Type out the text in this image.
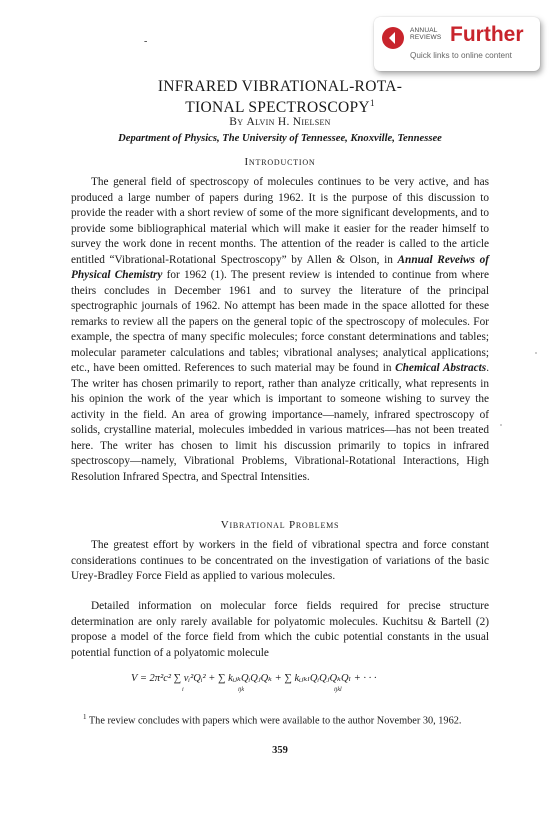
ANNUAL
REVIEWS Further
Quick links to online content
-
INFRARED VIBRATIONAL-ROTA-
TIONAL SPECTROSCOPY$^1$
By Alvin H. Nielsen
Department of Physics, The University of Tennessee, Knoxville, Tennessee
Introduction
The general field of spectroscopy of molecules continues to be very active, and has produced a large number of papers during 1962. It is the purpose of this discussion to provide the reader with a short review of some of the more significant developments, and to provide some bibliographical material which will make it easier for the reader himself to survey the work done in recent months. The attention of the reader is called to the article entitled “Vibrational-Rotational Spectroscopy” by Allen & Olson, in Annual Reveiws of Physical Chemistry for 1962 (1). The present review is intended to continue from where theirs concludes in December 1961 and to survey the literature of the principal spectrographic journals of 1962. No attempt has been made in the space allotted for these remarks to review all the papers on the general topic of the spectroscopy of molecules. For example, the spectra of many specific molecules; force constant determinations and tables; molecular parameter calculations and tables; vibrational analyses; analytical applications; etc., have been omitted. References to such material may be found in Chemical Abstracts. The writer has chosen primarily to report, rather than analyze critically, what represents in his opinion the work of the year which is important to someone wishing to survey the activity in the field. An area of growing importance—namely, infrared spectroscopy of solids, crystalline material, molecules imbedded in various matrices—has not been treated here. The writer has chosen to limit his discussion primarily to topics in infrared spectroscopy—namely, Vibrational Problems, Vibrational-Rotational Interactions, High Resolution Infrared Spectra, and Spectral Intensities.
Vibrational Problems
The greatest effort by workers in the field of vibrational spectra and force constant considerations continues to be concentrated on the investigation of variations of the basic Urey-Bradley Force Field as applied to various molecules.
Detailed information on molecular force fields required for precise structure determination are only rarely available for polyatomic molecules. Kuchitsu & Bartell (2) propose a model of the force field from which the cubic potential constants in the usual potential function of a polyatomic molecule
V = 2π²c² ∑ νᵢ²Qᵢ² + ∑ kᵢⱼₖQᵢQⱼQₖ + ∑ kᵢⱼₖₗQᵢQⱼQₖQₗ + · · ·
i	ijk	ijkl
$^1$ The review concludes with papers which were available to the author November 30, 1962.
359
